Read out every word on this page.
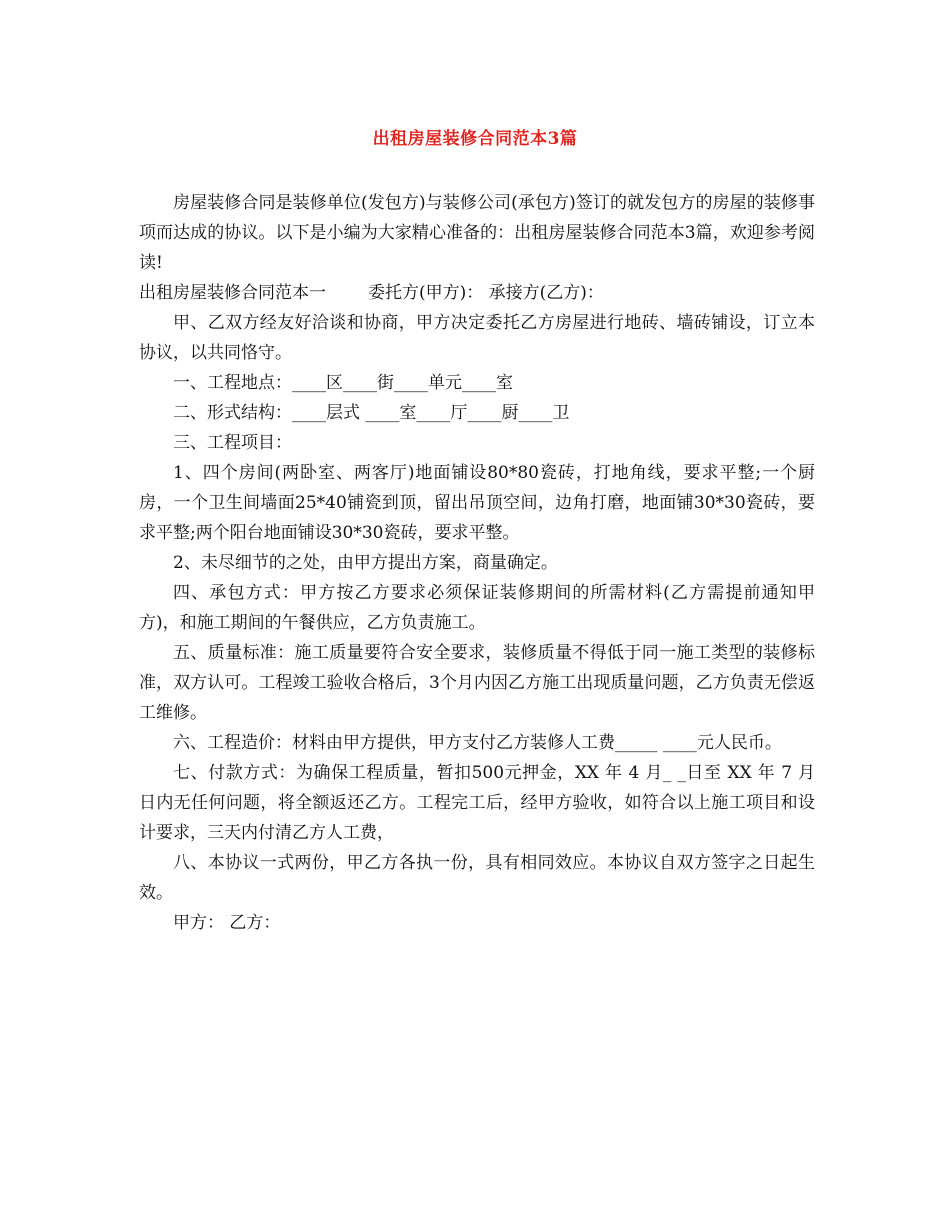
出租房屋装修合同范本3篇

房屋装修合同是装修单位(发包方)与装修公司(承包方)签订的就发包方的房屋的装修事项而达成的协议。以下是小编为大家精心准备的：出租房屋装修合同范本3篇，欢迎参考阅读!

出租房屋装修合同范本一 委托方(甲方)： 承接方(乙方)：

甲、乙双方经友好洽谈和协商，甲方决定委托乙方房屋进行地砖、墙砖铺设，订立本协议，以共同恪守。

一、工程地点：____区____街____单元____室

二、形式结构：____层式 ____室____厅____厨____卫

三、工程项目：

1、四个房间(两卧室、两客厅)地面铺设80*80瓷砖，打地角线，要求平整;一个厨房，一个卫生间墙面25*40铺瓷到顶，留出吊顶空间，边角打磨，地面铺30*30瓷砖，要求平整;两个阳台地面铺设30*30瓷砖，要求平整。

2、未尽细节的之处，由甲方提出方案，商量确定。

四、承包方式：甲方按乙方要求必须保证装修期间的所需材料(乙方需提前通知甲方)，和施工期间的午餐供应，乙方负责施工。

五、质量标准：施工质量要符合安全要求，装修质量不得低于同一施工类型的装修标准，双方认可。工程竣工验收合格后，3个月内因乙方施工出现质量问题，乙方负责无偿返工维修。

六、工程造价：材料由甲方提供，甲方支付乙方装修人工费_____ ____元人民币。

七、付款方式：为确保工程质量，暂扣500元押金，XX 年 4 月_ _日至 XX 年 7 月 日内无任何问题，将全额返还乙方。工程完工后，经甲方验收，如符合以上施工项目和设计要求，三天内付清乙方人工费，

八、本协议一式两份，甲乙方各执一份，具有相同效应。本协议自双方签字之日起生效。

甲方： 乙方：
